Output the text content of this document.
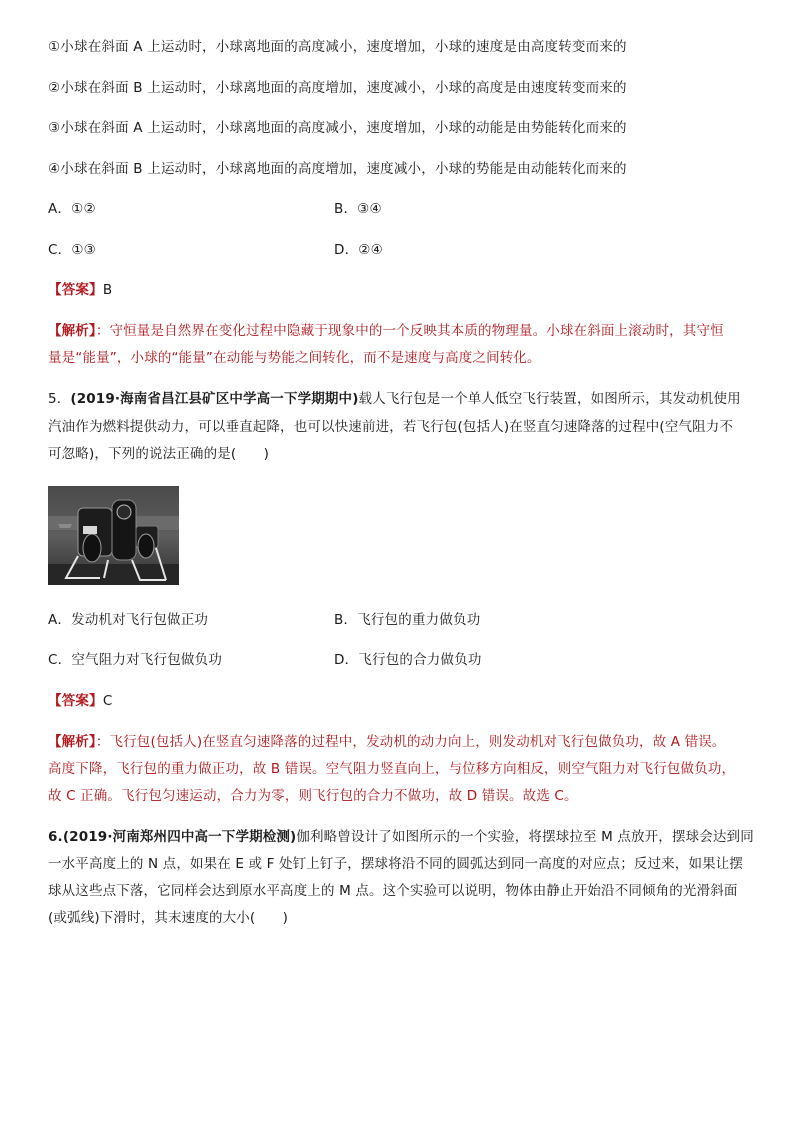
①小球在斜面 A 上运动时，小球离地面的高度减小，速度增加，小球的速度是由高度转变而来的
②小球在斜面 B 上运动时，小球离地面的高度增加，速度减小，小球的高度是由速度转变而来的
③小球在斜面 A 上运动时，小球离地面的高度减小，速度增加，小球的动能是由势能转化而来的
④小球在斜面 B 上运动时，小球离地面的高度增加，速度减小，小球的势能是由动能转化而来的
A．①②	B．③④
C．①③	D．②④
【答案】B
【解析】：守恒量是自然界在变化过程中隐藏于现象中的一个反映其本质的物理量。小球在斜面上滚动时，其守恒
量是“能量”，小球的“能量”在动能与势能之间转化，而不是速度与高度之间转化。
5．(2019·海南省昌江县矿区中学高一下学期期中)载人飞行包是一个单人低空飞行装置，如图所示，其发动机使用
汽油作为燃料提供动力，可以垂直起降，也可以快速前进，若飞行包(包括人)在竖直匀速降落的过程中(空气阻力不
可忽略)，下列的说法正确的是(　　)
A．发动机对飞行包做正功	B．飞行包的重力做负功
C．空气阻力对飞行包做负功	D．飞行包的合力做负功
【答案】C
【解析】：飞行包(包括人)在竖直匀速降落的过程中，发动机的动力向上，则发动机对飞行包做负功，故 A 错误。
高度下降，飞行包的重力做正功，故 B 错误。空气阻力竖直向上，与位移方向相反，则空气阻力对飞行包做负功，
故 C 正确。飞行包匀速运动，合力为零，则飞行包的合力不做功，故 D 错误。故选 C。
6.(2019·河南郑州四中高一下学期检测)伽利略曾设计了如图所示的一个实验，将摆球拉至 M 点放开，摆球会达到同
一水平高度上的 N 点，如果在 E 或 F 处钉上钉子，摆球将沿不同的圆弧达到同一高度的对应点；反过来，如果让摆
球从这些点下落，它同样会达到原水平高度上的 M 点。这个实验可以说明，物体由静止开始沿不同倾角的光滑斜面
(或弧线)下滑时，其末速度的大小(　　)
